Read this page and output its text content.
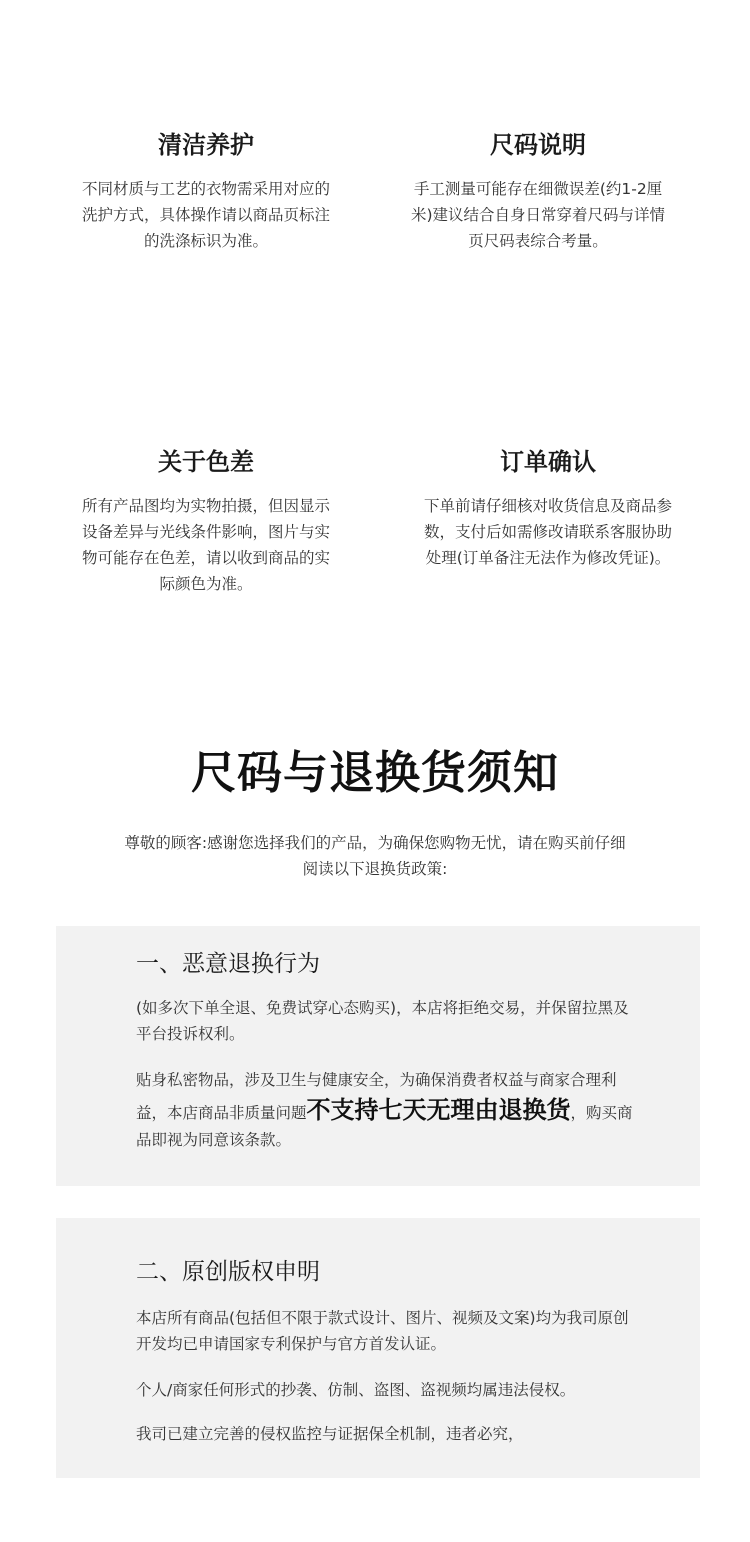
清洁养护

不同材质与工艺的衣物需采用对应的洗护方式，具体操作请以商品页标注的洗涤标识为准。

尺码说明

手工测量可能存在细微误差(约1-2厘米)建议结合自身日常穿着尺码与详情页尺码表综合考量。

关于色差

所有产品图均为实物拍摄，但因显示设备差异与光线条件影响，图片与实物可能存在色差，请以收到商品的实际颜色为准。

订单确认

下单前请仔细核对收货信息及商品参数，支付后如需修改请联系客服协助处理(订单备注无法作为修改凭证)。

尺码与退换货须知

尊敬的顾客:感谢您选择我们的产品，为确保您购物无忧，请在购买前仔细阅读以下退换货政策:

一、恶意退换行为

(如多次下单全退、免费试穿心态购买)，本店将拒绝交易，并保留拉黑及平台投诉权利。

贴身私密物品，涉及卫生与健康安全，为确保消费者权益与商家合理利益，本店商品非质量问题不支持七天无理由退换货，购买商品即视为同意该条款。

二、原创版权申明

本店所有商品(包括但不限于款式设计、图片、视频及文案)均为我司原创开发均已申请国家专利保护与官方首发认证。

个人/商家任何形式的抄袭、仿制、盗图、盗视频均属违法侵权。

我司已建立完善的侵权监控与证据保全机制，违者必究，
